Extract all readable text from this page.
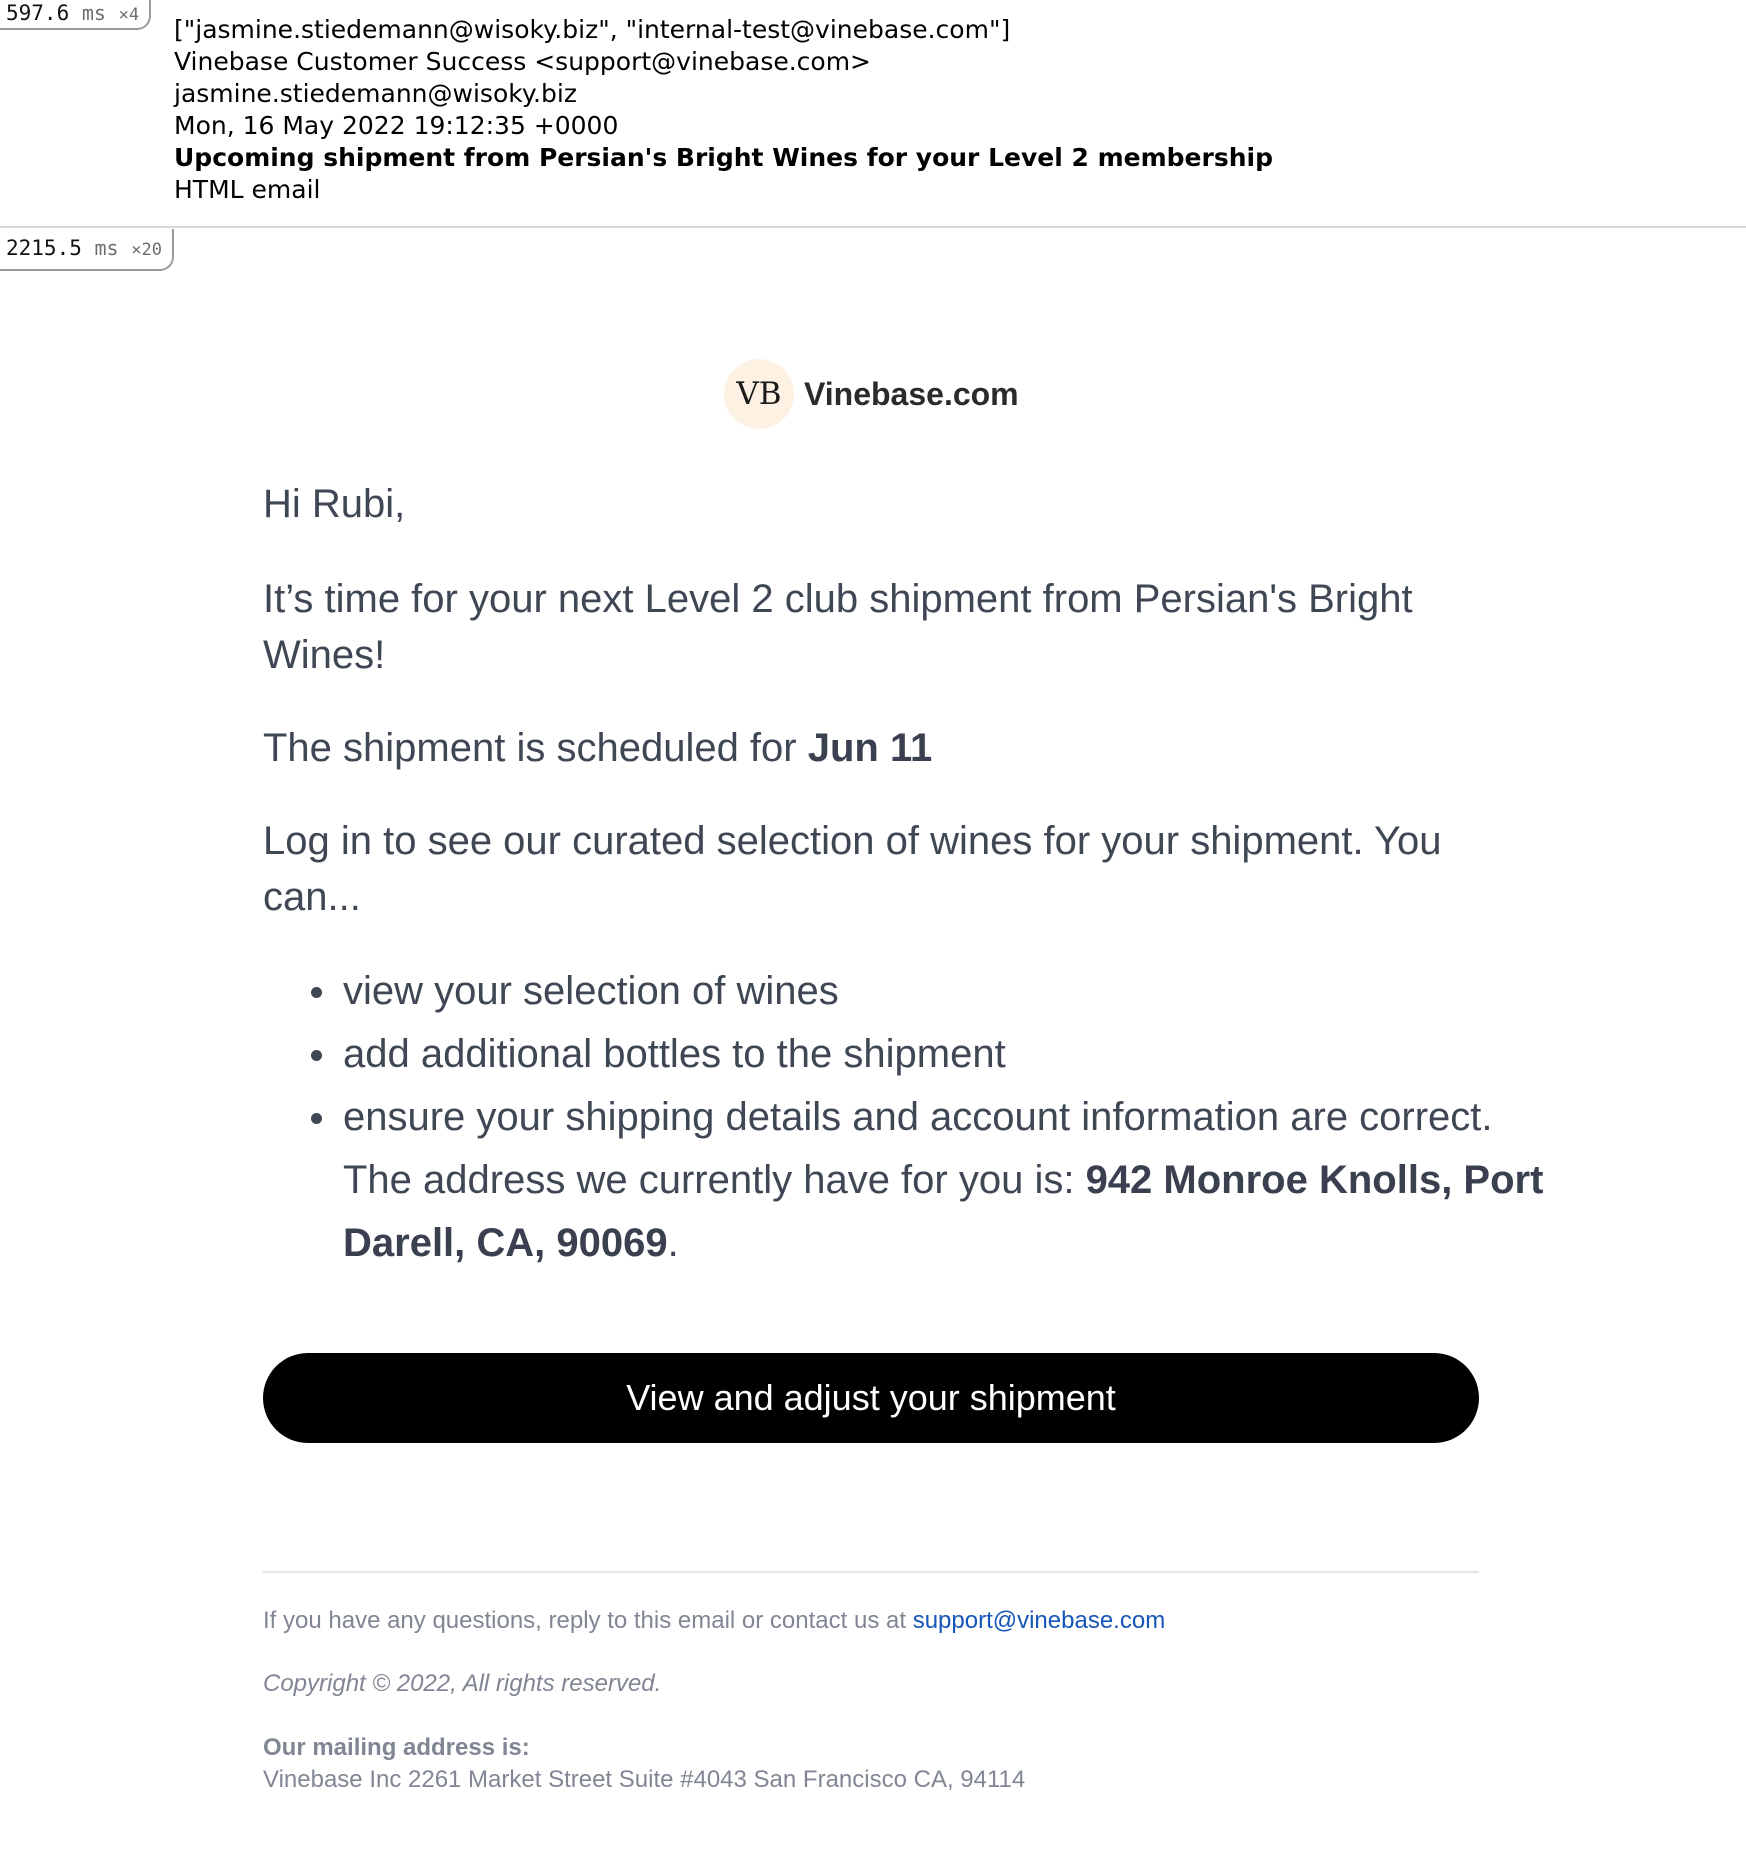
["jasmine.stiedemann@wisoky.biz", "internal-test@vinebase.com"]
Vinebase Customer Success <support@vinebase.com>
jasmine.stiedemann@wisoky.biz
Mon, 16 May 2022 19:12:35 +0000
Upcoming shipment from Persian's Bright Wines for your Level 2 membership
HTML email
597.6 ms ×4
2215.5 ms ×20
VB Vinebase.com

Hi Rubi,

It’s time for your next Level 2 club shipment from Persian's Bright Wines!

The shipment is scheduled for Jun 11

Log in to see our curated selection of wines for your shipment. You can...

view your selection of wines
add additional bottles to the shipment
ensure your shipping details and account information are correct. The address we currently have for you is: 942 Monroe Knolls, Port Darell, CA, 90069.
View and adjust your shipment
If you have any questions, reply to this email or contact us at support@vinebase.com
Copyright © 2022, All rights reserved.
Our mailing address is:
Vinebase Inc 2261 Market Street Suite #4043 San Francisco CA, 94114
